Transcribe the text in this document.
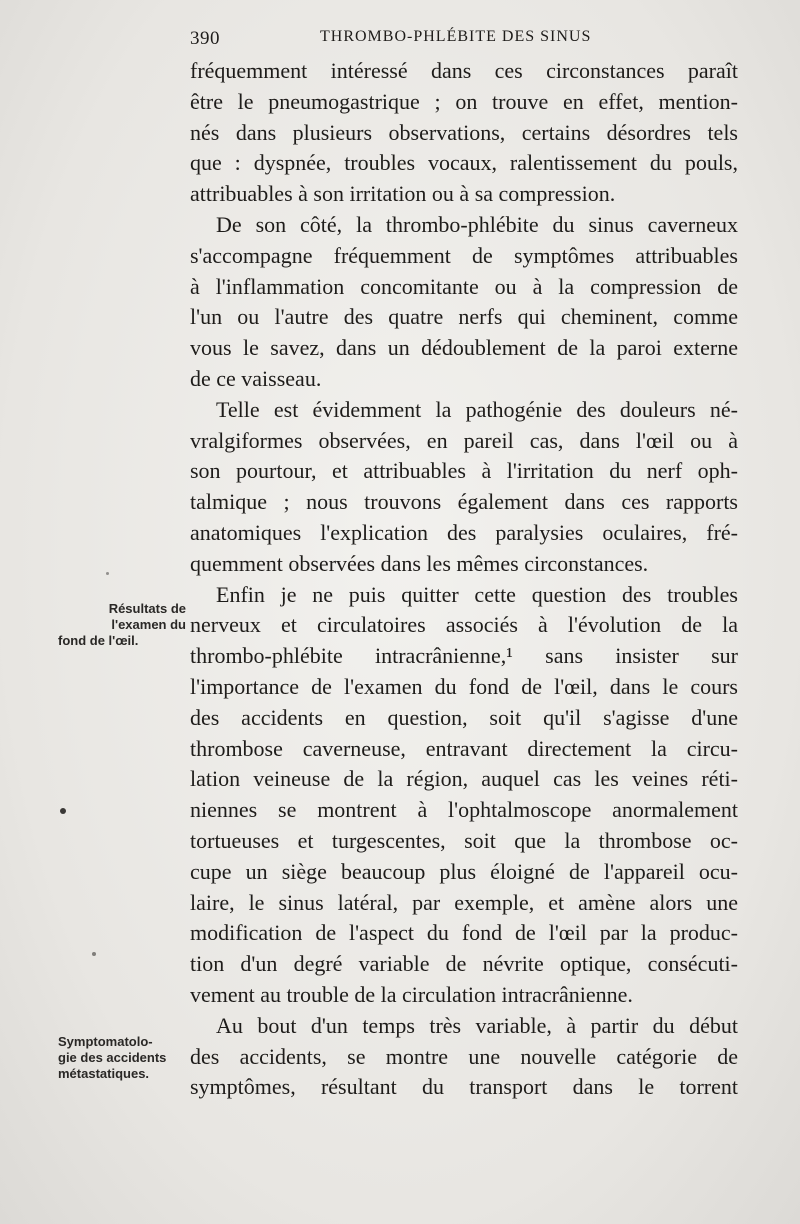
390	THROMBO-PHLÉBITE DES SINUS
fréquemment intéressé dans ces circonstances paraît
être le pneumogastrique ; on trouve en effet, mention-
nés dans plusieurs observations, certains désordres tels
que : dyspnée, troubles vocaux, ralentissement du pouls,
attribuables à son irritation ou à sa compression.
De son côté, la thrombo-phlébite du sinus caverneux
s'accompagne fréquemment de symptômes attribuables
à l'inflammation concomitante ou à la compression de
l'un ou l'autre des quatre nerfs qui cheminent, comme
vous le savez, dans un dédoublement de la paroi externe
de ce vaisseau.
Telle est évidemment la pathogénie des douleurs né-
vralgiformes observées, en pareil cas, dans l'œil ou à
son pourtour, et attribuables à l'irritation du nerf oph-
talmique ; nous trouvons également dans ces rapports
anatomiques l'explication des paralysies oculaires, fré-
quemment observées dans les mêmes circonstances.
Enfin je ne puis quitter cette question des troubles
nerveux et circulatoires associés à l'évolution de la
thrombo-phlébite intracrânienne,¹ sans insister sur
l'importance de l'examen du fond de l'œil, dans le cours
des accidents en question, soit qu'il s'agisse d'une
thrombose caverneuse, entravant directement la circu-
lation veineuse de la région, auquel cas les veines réti-
niennes se montrent à l'ophtalmoscope anormalement
tortueuses et turgescentes, soit que la thrombose oc-
cupe un siège beaucoup plus éloigné de l'appareil ocu-
laire, le sinus latéral, par exemple, et amène alors une
modification de l'aspect du fond de l'œil par la produc-
tion d'un degré variable de névrite optique, consécuti-
vement au trouble de la circulation intracrânienne.
Au bout d'un temps très variable, à partir du début
des accidents, se montre une nouvelle catégorie de
symptômes, résultant du transport dans le torrent
Résultats de
l'examen du
fond de l'œil.
Symptomatolo-
gie des accidents
métastatiques.
